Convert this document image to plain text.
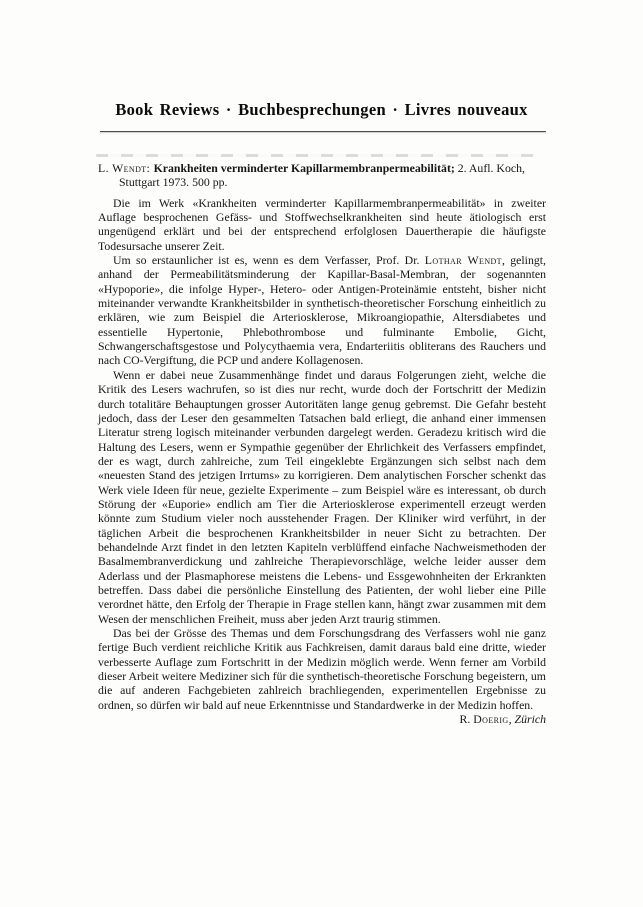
Book Reviews · Buchbesprechungen · Livres nouveaux

L. Wendt: Krankheiten verminderter Kapillarmembranpermeabilität; 2. Aufl. Koch,
Stuttgart 1973. 500 pp.

Die im Werk «Krankheiten verminderter Kapillarmembranpermeabilität» in zweiter Auflage besprochenen Gefäss- und Stoffwechselkrankheiten sind heute ätiologisch erst ungenügend erklärt und bei der entsprechend erfolglosen Dauertherapie die häufigste Todesursache unserer Zeit.

Um so erstaunlicher ist es, wenn es dem Verfasser, Prof. Dr. Lothar Wendt, gelingt, anhand der Permeabilitätsminderung der Kapillar-Basal-Membran, der sogenannten «Hypoporie», die infolge Hyper-, Hetero- oder Antigen-Proteinämie entsteht, bisher nicht miteinander verwandte Krankheitsbilder in synthetisch-theoretischer Forschung einheitlich zu erklären, wie zum Beispiel die Arteriosklerose, Mikroangiopathie, Altersdiabetes und essentielle Hypertonie, Phlebothrombose und fulminante Embolie, Gicht, Schwangerschaftsgestose und Polycythaemia vera, Endarteriitis obliterans des Rauchers und nach CO-Vergiftung, die PCP und andere Kollagenosen.

Wenn er dabei neue Zusammenhänge findet und daraus Folgerungen zieht, welche die Kritik des Lesers wachrufen, so ist dies nur recht, wurde doch der Fortschritt der Medizin durch totalitäre Behauptungen grosser Autoritäten lange genug gebremst. Die Gefahr besteht jedoch, dass der Leser den gesammelten Tatsachen bald erliegt, die anhand einer immensen Literatur streng logisch miteinander verbunden dargelegt werden. Geradezu kritisch wird die Haltung des Lesers, wenn er Sympathie gegenüber der Ehrlichkeit des Verfassers empfindet, der es wagt, durch zahlreiche, zum Teil eingeklebte Ergänzungen sich selbst nach dem «neuesten Stand des jetzigen Irrtums» zu korrigieren. Dem analytischen Forscher schenkt das Werk viele Ideen für neue, gezielte Experimente – zum Beispiel wäre es interessant, ob durch Störung der «Euporie» endlich am Tier die Arteriosklerose experimentell erzeugt werden könnte zum Studium vieler noch ausstehender Fragen. Der Kliniker wird verführt, in der täglichen Arbeit die besprochenen Krankheitsbilder in neuer Sicht zu betrachten. Der behandelnde Arzt findet in den letzten Kapiteln verblüffend einfache Nachweismethoden der Basalmembranverdickung und zahlreiche Therapievorschläge, welche leider ausser dem Aderlass und der Plasmaphorese meistens die Lebens- und Essgewohnheiten der Erkrankten betreffen. Dass dabei die persönliche Einstellung des Patienten, der wohl lieber eine Pille verordnet hätte, den Erfolg der Therapie in Frage stellen kann, hängt zwar zusammen mit dem Wesen der menschlichen Freiheit, muss aber jeden Arzt traurig stimmen.

Das bei der Grösse des Themas und dem Forschungsdrang des Verfassers wohl nie ganz fertige Buch verdient reichliche Kritik aus Fachkreisen, damit daraus bald eine dritte, wieder verbesserte Auflage zum Fortschritt in der Medizin möglich werde. Wenn ferner am Vorbild dieser Arbeit weitere Mediziner sich für die synthetisch-theoretische Forschung begeistern, um die auf anderen Fachgebieten zahlreich brachliegenden, experimentellen Ergebnisse zu ordnen, so dürfen wir bald auf neue Erkenntnisse und Standardwerke in der Medizin hoffen.
R. Doerig, Zürich
